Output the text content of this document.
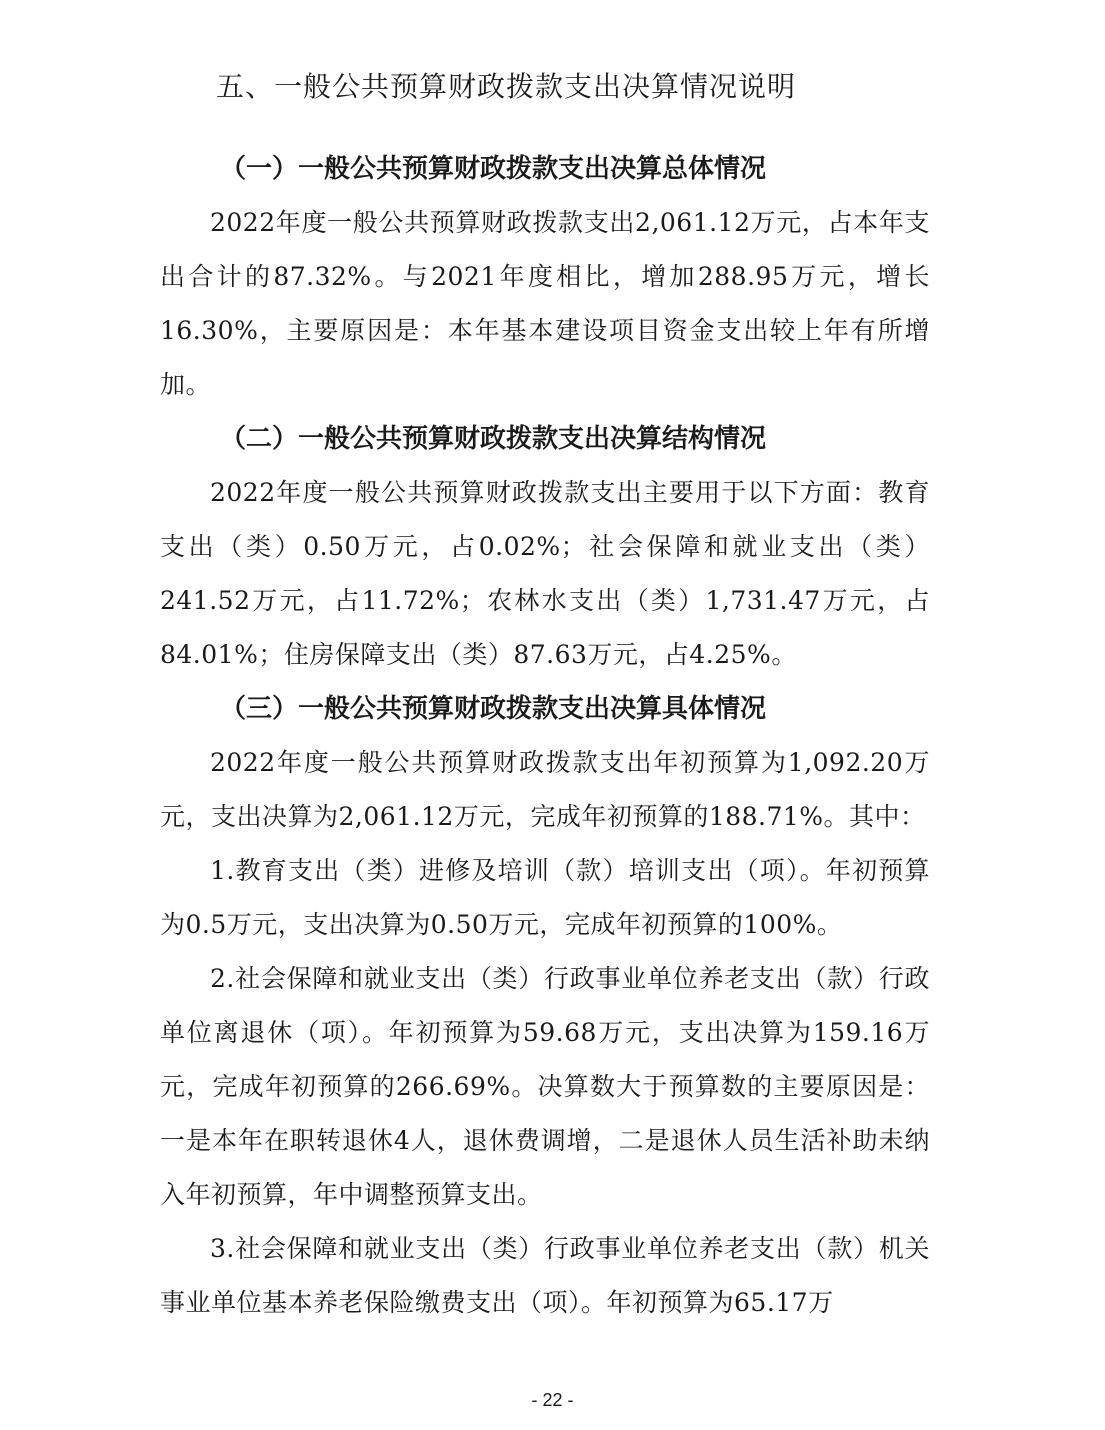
五、一般公共预算财政拨款支出决算情况说明

（一）一般公共预算财政拨款支出决算总体情况

2022年度一般公共预算财政拨款支出2,061.12万元，占本年支出合计的87.32%。与2021年度相比，增加288.95万元，增长16.30%，主要原因是：本年基本建设项目资金支出较上年有所增加。

（二）一般公共预算财政拨款支出决算结构情况

2022年度一般公共预算财政拨款支出主要用于以下方面：教育支出（类）0.50万元，占0.02%；社会保障和就业支出（类）241.52万元，占11.72%；农林水支出（类）1,731.47万元，占84.01%；住房保障支出（类）87.63万元，占4.25%。

（三）一般公共预算财政拨款支出决算具体情况

2022年度一般公共预算财政拨款支出年初预算为1,092.20万元，支出决算为2,061.12万元，完成年初预算的188.71%。其中：

1.教育支出（类）进修及培训（款）培训支出（项）。年初预算为0.5万元，支出决算为0.50万元，完成年初预算的100%。

2.社会保障和就业支出（类）行政事业单位养老支出（款）行政单位离退休（项）。年初预算为59.68万元，支出决算为159.16万元，完成年初预算的266.69%。决算数大于预算数的主要原因是：一是本年在职转退休4人，退休费调增，二是退休人员生活补助未纳入年初预算，年中调整预算支出。

3.社会保障和就业支出（类）行政事业单位养老支出（款）机关事业单位基本养老保险缴费支出（项）。年初预算为65.17万

- 22 -
